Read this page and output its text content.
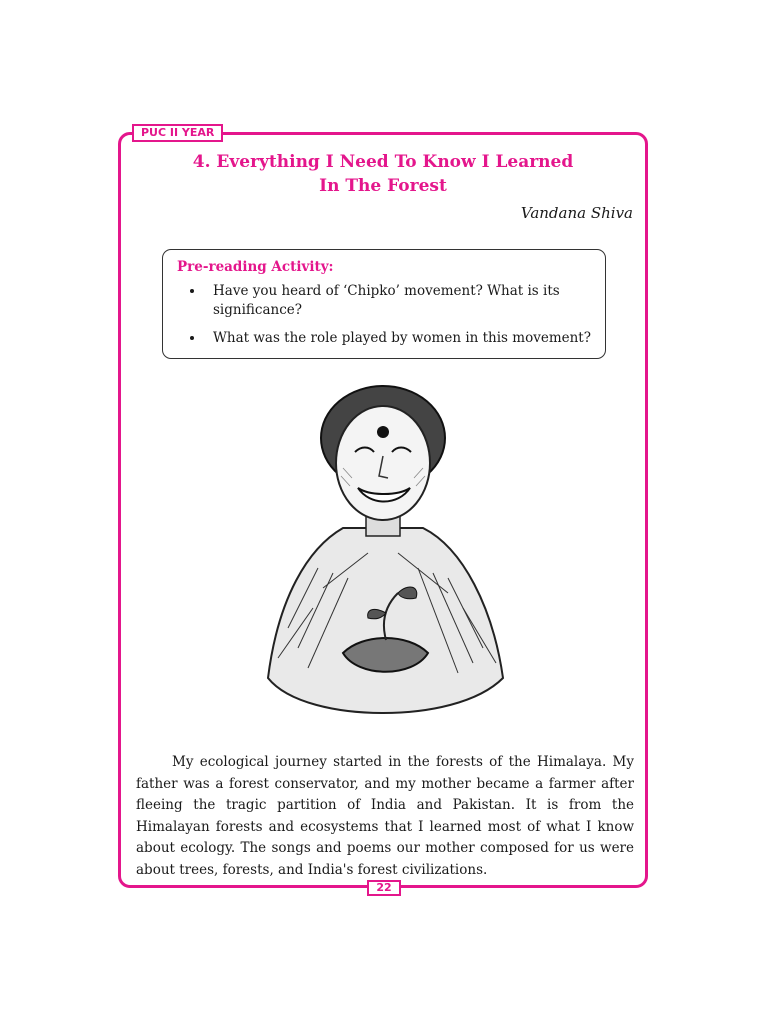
PUC II YEAR
4. Everything I Need To Know I Learned
In The Forest
Vandana Shiva
Pre-reading Activity:
• Have you heard of ‘Chipko’ movement? What is its significance?
• What was the role played by women in this movement?
My ecological journey started in the forests of the Himalaya. My father was a forest conservator, and my mother became a farmer after fleeing the tragic partition of India and Pakistan. It is from the Himalayan forests and ecosystems that I learned most of what I know about ecology. The songs and poems our mother composed for us were about trees, forests, and India's forest civilizations.
22
